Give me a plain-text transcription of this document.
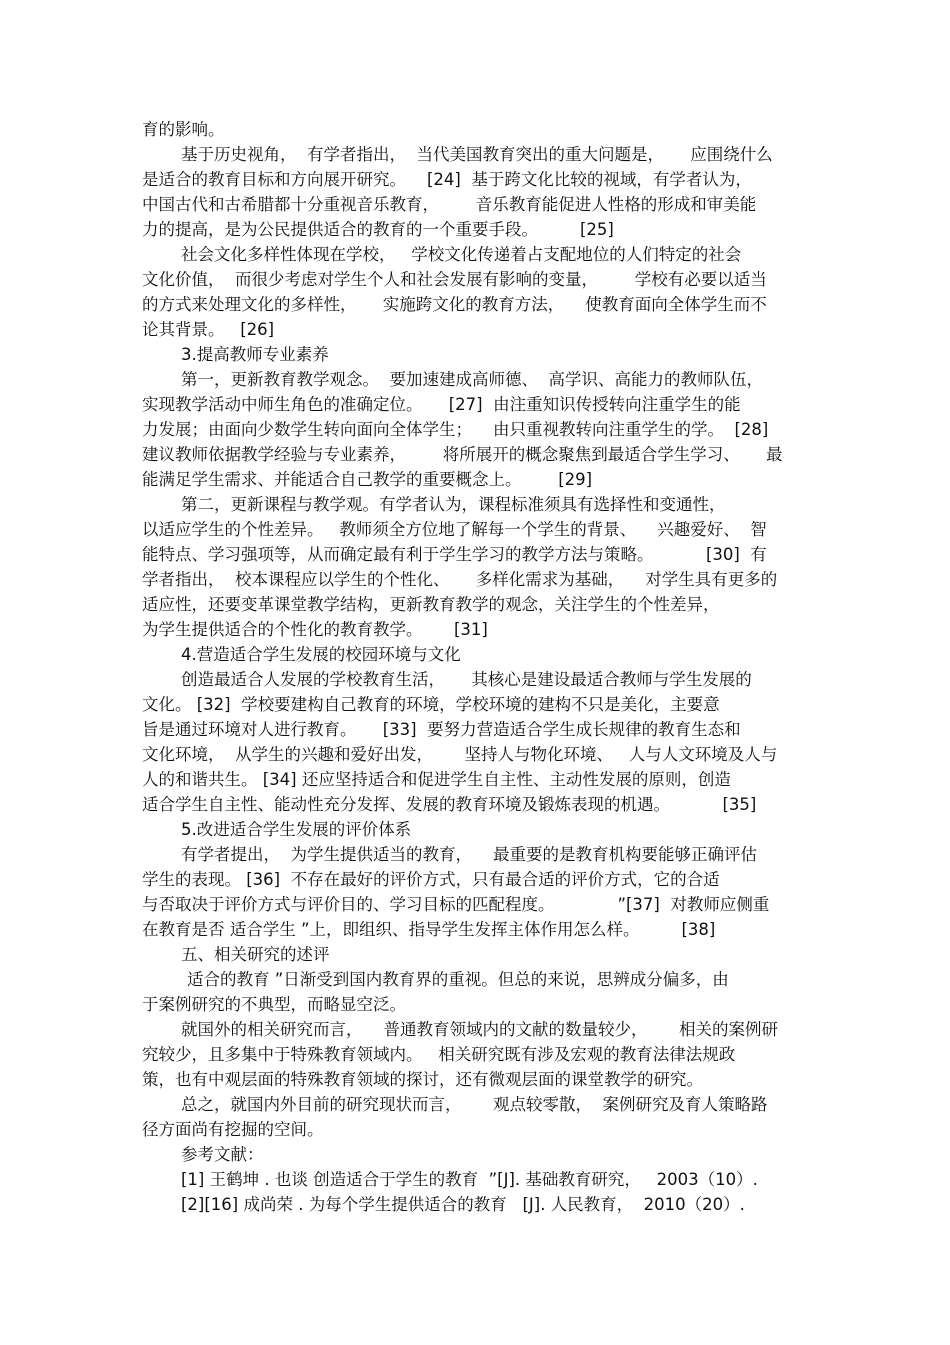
育的影响。
基于历史视角，  有学者指出，  当代美国教育突出的重大问题是，     应围绕什么
是适合的教育目标和方向展开研究。    [24]  基于跨文化比较的视域，有学者认为，
中国古代和古希腊都十分重视音乐教育，       音乐教育能促进人性格的形成和审美能
力的提高，是为公民提供适合的教育的一个重要手段。        [25]
社会文化多样性体现在学校，   学校文化传递着占支配地位的人们特定的社会
文化价值，  而很少考虑对学生个人和社会发展有影响的变量，       学校有必要以适当
的方式来处理文化的多样性，     实施跨文化的教育方法，    使教育面向全体学生而不
论其背景。   [26]
3.提高教师专业素养
第一，更新教育教学观念。  要加速建成高师德、  高学识、高能力的教师队伍，
实现教学活动中师生角色的准确定位。     [27]  由注重知识传授转向注重学生的能
力发展；由面向少数学生转向面向全体学生；    由只重视教转向注重学生的学。  [28]
建议教师依据教学经验与专业素养，       将所展开的概念聚焦到最适合学生学习、     最
能满足学生需求、并能适合自己教学的重要概念上。       [29]
第二，更新课程与教学观。有学者认为，课程标准须具有选择性和变通性，
以适应学生的个性差异。   教师须全方位地了解每一个学生的背景、    兴趣爱好、  智
能特点、学习强项等，从而确定最有利于学生学习的教学方法与策略。          [30]  有
学者指出，  校本课程应以学生的个性化、     多样化需求为基础，    对学生具有更多的
适应性，还要变革课堂教学结构，更新教育教学的观念，关注学生的个性差异，
为学生提供适合的个性化的教育教学。      [31]
4.营造适合学生发展的校园环境与文化
创造最适合人发展的学校教育生活，     其核心是建设最适合教师与学生发展的
文化。 [32]  学校要建构自己教育的环境，学校环境的建构不只是美化，主要意
旨是通过环境对人进行教育。     [33]  要努力营造适合学生成长规律的教育生态和
文化环境，  从学生的兴趣和爱好出发，      坚持人与物化环境、   人与人文环境及人与
人的和谐共生。 [34] 还应坚持适合和促进学生自主性、主动性发展的原则，创造
适合学生自主性、能动性充分发挥、发展的教育环境及锻炼表现的机遇。          [35]
5.改进适合学生发展的评价体系
有学者提出，  为学生提供适当的教育，    最重要的是教育机构要能够正确评估
学生的表现。 [36]  不存在最好的评价方式，只有最合适的评价方式，它的合适
与否取决于评价方式与评价目的、学习目标的匹配程度。            ”[37]  对教师应侧重
在教育是否 适合学生 ”上，即组织、指导学生发挥主体作用怎么样。        [38]
五、相关研究的述评
适合的教育 ”日渐受到国内教育界的重视。但总的来说，思辨成分偏多，由
于案例研究的不典型，而略显空泛。
就国外的相关研究而言，    普通教育领域内的文献的数量较少，      相关的案例研
究较少，且多集中于特殊教育领域内。   相关研究既有涉及宏观的教育法律法规政
策，也有中观层面的特殊教育领域的探讨，还有微观层面的课堂教学的研究。
总之，就国内外目前的研究现状而言，      观点较零散，  案例研究及育人策略路
径方面尚有挖掘的空间。
参考文献：
[1] 王鹤坤 . 也谈 创造适合于学生的教育  ”[J]. 基础教育研究，   2003（10）.
[2][16] 成尚荣 . 为每个学生提供适合的教育   [J]. 人民教育，  2010（20）.
